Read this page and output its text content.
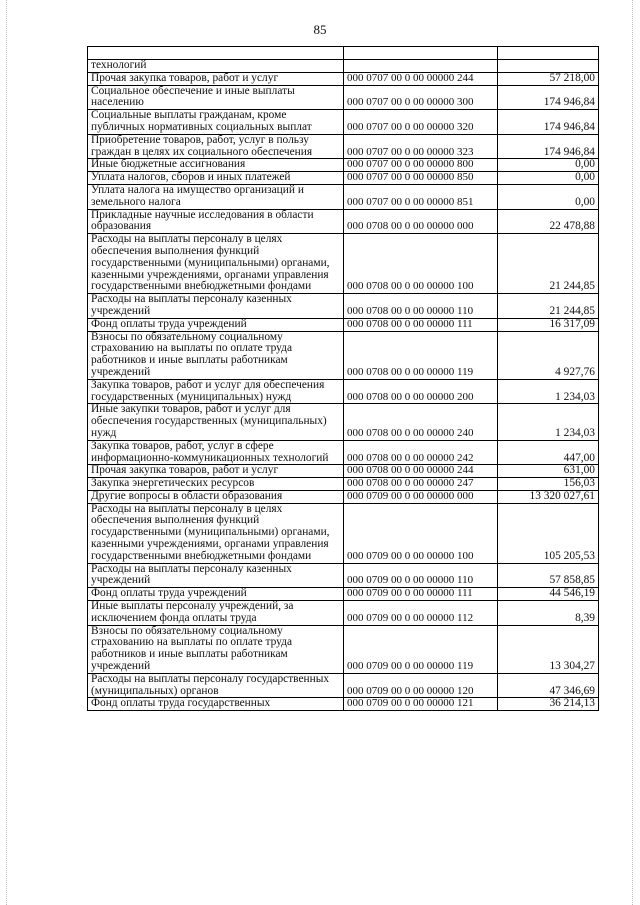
85

технологий		
Прочая закупка товаров, работ и услуг	000 0707 00 0 00 00000 244	57 218,00
Социальное обеспечение и иные выплаты населению	000 0707 00 0 00 00000 300	174 946,84
Социальные выплаты гражданам, кроме публичных нормативных социальных выплат	000 0707 00 0 00 00000 320	174 946,84
Приобретение товаров, работ, услуг в пользу граждан в целях их социального обеспечения	000 0707 00 0 00 00000 323	174 946,84
Иные бюджетные ассигнования	000 0707 00 0 00 00000 800	0,00
Уплата налогов, сборов и иных платежей	000 0707 00 0 00 00000 850	0,00
Уплата налога на имущество организаций и земельного налога	000 0707 00 0 00 00000 851	0,00
Прикладные научные исследования в области образования	000 0708 00 0 00 00000 000	22 478,88
Расходы на выплаты персоналу в целях обеспечения выполнения функций государственными (муниципальными) органами, казенными учреждениями, органами управления государственными внебюджетными фондами	000 0708 00 0 00 00000 100	21 244,85
Расходы на выплаты персоналу казенных учреждений	000 0708 00 0 00 00000 110	21 244,85
Фонд оплаты труда учреждений	000 0708 00 0 00 00000 111	16 317,09
Взносы по обязательному социальному страхованию на выплаты по оплате труда работников и иные выплаты работникам учреждений	000 0708 00 0 00 00000 119	4 927,76
Закупка товаров, работ и услуг для обеспечения государственных (муниципальных) нужд	000 0708 00 0 00 00000 200	1 234,03
Иные закупки товаров, работ и услуг для обеспечения государственных (муниципальных) нужд	000 0708 00 0 00 00000 240	1 234,03
Закупка товаров, работ, услуг в сфере информационно-коммуникационных технологий	000 0708 00 0 00 00000 242	447,00
Прочая закупка товаров, работ и услуг	000 0708 00 0 00 00000 244	631,00
Закупка энергетических ресурсов	000 0708 00 0 00 00000 247	156,03
Другие вопросы в области образования	000 0709 00 0 00 00000 000	13 320 027,61
Расходы на выплаты персоналу в целях обеспечения выполнения функций государственными (муниципальными) органами, казенными учреждениями, органами управления государственными внебюджетными фондами	000 0709 00 0 00 00000 100	105 205,53
Расходы на выплаты персоналу казенных учреждений	000 0709 00 0 00 00000 110	57 858,85
Фонд оплаты труда учреждений	000 0709 00 0 00 00000 111	44 546,19
Иные выплаты персоналу учреждений, за исключением фонда оплаты труда	000 0709 00 0 00 00000 112	8,39
Взносы по обязательному социальному страхованию на выплаты по оплате труда работников и иные выплаты работникам учреждений	000 0709 00 0 00 00000 119	13 304,27
Расходы на выплаты персоналу государственных (муниципальных) органов	000 0709 00 0 00 00000 120	47 346,69
Фонд оплаты труда государственных	000 0709 00 0 00 00000 121	36 214,13
